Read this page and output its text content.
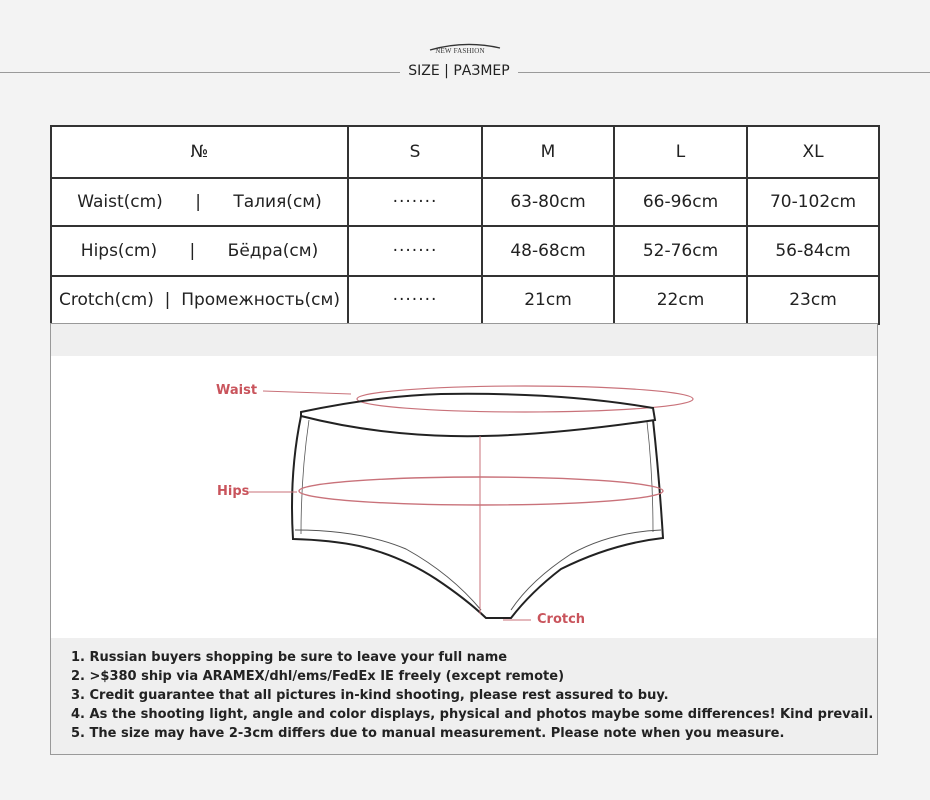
NEW FASHION
SIZE | РАЗМЕР
№	S	M	L	XL
Waist(cm)      |      Талия(см)	·······	63-80cm	66-96cm	70-102cm
Hips(cm)      |      Бёдра(см)	·······	48-68cm	52-76cm	56-84cm
Crotch(cm)  |  Промежность(см)	·······	21cm	22cm	23cm
Waist
Hips
Crotch
1. Russian buyers shopping be sure to leave your full name
2. >$380 ship via ARAMEX/dhl/ems/FedEx IE freely (except remote)
3. Credit guarantee that all pictures in-kind shooting, please rest assured to buy.
4. As the shooting light, angle and color displays, physical and photos maybe some differences! Kind prevail.
5. The size may have 2-3cm differs due to manual measurement. Please note when you measure.
